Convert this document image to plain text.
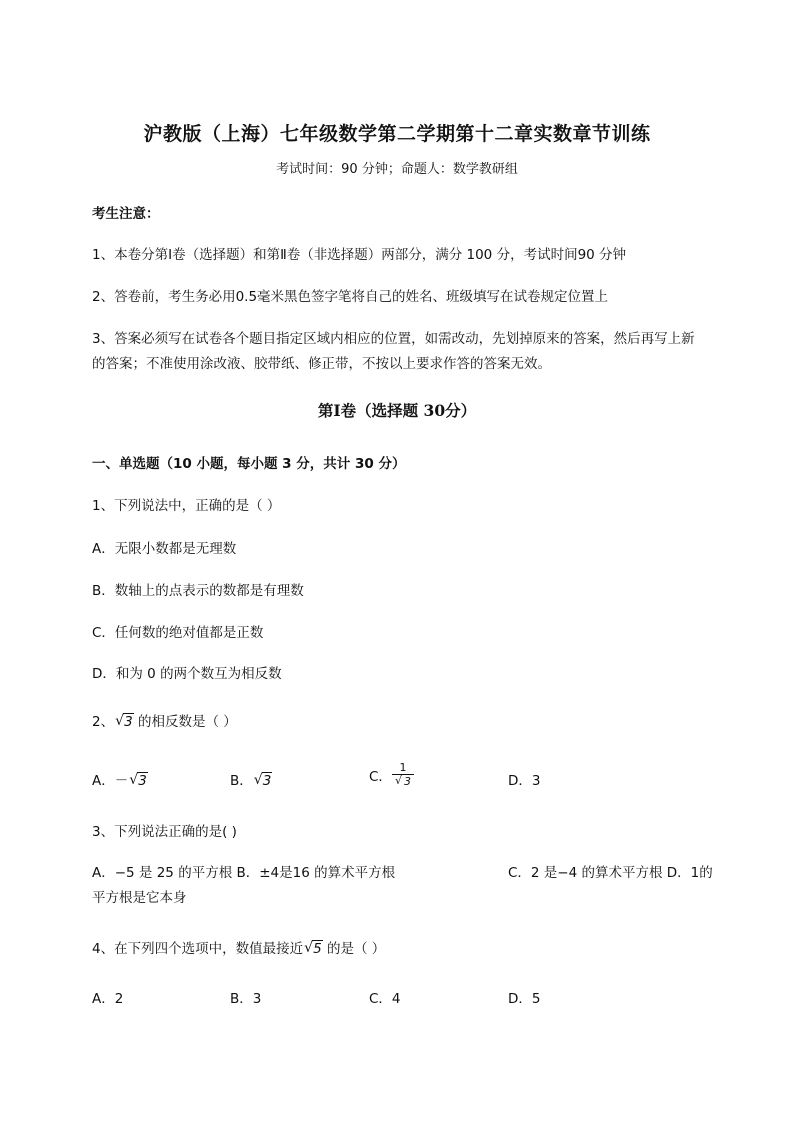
沪教版（上海）七年级数学第二学期第十二章实数章节训练
考试时间：90 分钟；命题人：数学教研组
考生注意：
1、本卷分第Ⅰ卷（选择题）和第Ⅱ卷（非选择题）两部分，满分 100 分，考试时间90 分钟
2、答卷前，考生务必用0.5毫米黑色签字笔将自己的姓名、班级填写在试卷规定位置上
3、答案必须写在试卷各个题目指定区域内相应的位置，如需改动，先划掉原来的答案，然后再写上新
的答案；不准使用涂改液、胶带纸、修正带，不按以上要求作答的答案无效。
第Ⅰ卷（选择题 30分）
一、单选题（10 小题，每小题 3 分，共计 30 分）
1、下列说法中，正确的是（ ）
A．无限小数都是无理数
B．数轴上的点表示的数都是有理数
C．任何数的绝对值都是正数
D．和为 0 的两个数互为相反数
2、 √ 3 的相反数是（ ）
A．－ √ 3	B． √ 3	C． $\frac{1}{√ 3}$	D．3
3、下列说法正确的是( )
A．−5 是 25 的平方根 B．±4是16 的算术平方根	C．2 是−4 的算术平方根 D．1的
平方根是它本身
4、在下列四个选项中，数值最接近 √ 5 的是（ ）
A．2	B．3	C．4	D．5
